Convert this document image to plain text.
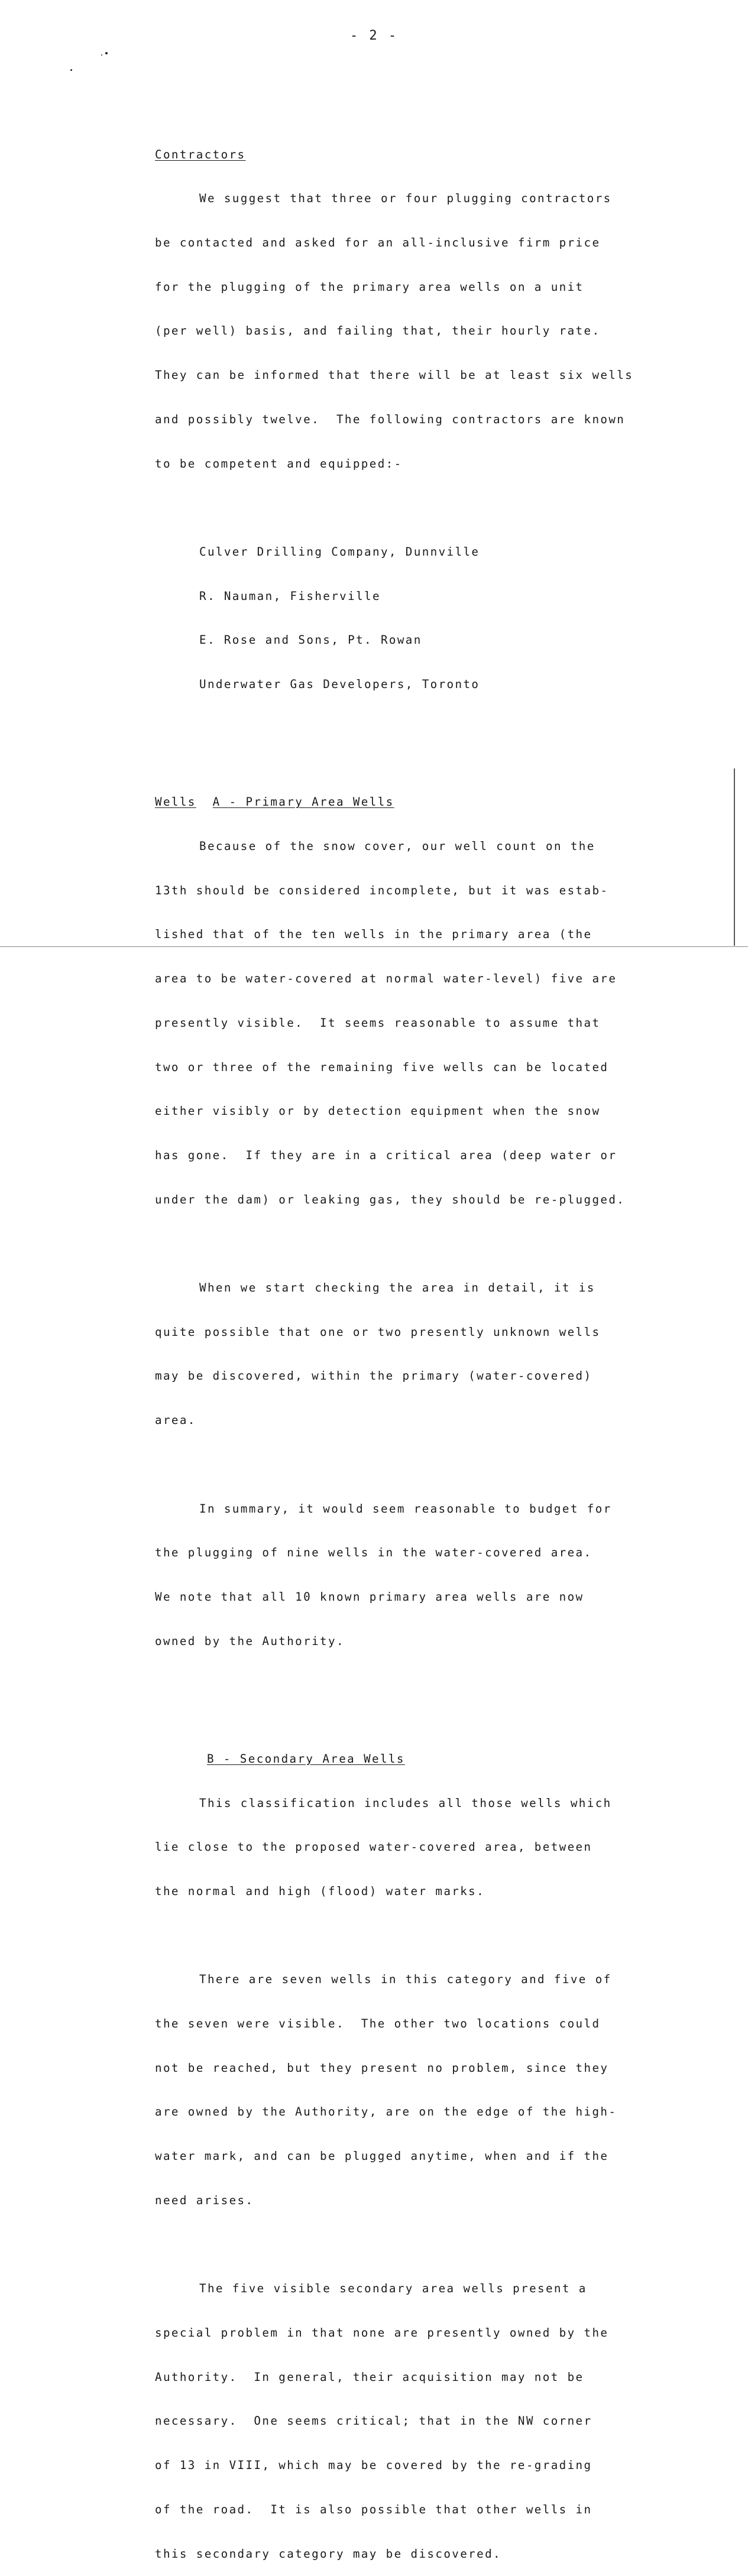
- 2 -

Contractors

We suggest that three or four plugging contractors

be contacted and asked for an all-inclusive firm price

for the plugging of the primary area wells on a unit

(per well) basis, and failing that, their hourly rate.

They can be informed that there will be at least six wells

and possibly twelve.  The following contractors are known

to be competent and equipped:-

Culver Drilling Company, Dunnville

R. Nauman, Fisherville

E. Rose and Sons, Pt. Rowan

Underwater Gas Developers, Toronto

Wells A - Primary Area Wells

Because of the snow cover, our well count on the

13th should be considered incomplete, but it was estab-

lished that of the ten wells in the primary area (the

area to be water-covered at normal water-level) five are

presently visible.  It seems reasonable to assume that

two or three of the remaining five wells can be located

either visibly or by detection equipment when the snow

has gone.  If they are in a critical area (deep water or

under the dam) or leaking gas, they should be re-plugged.

When we start checking the area in detail, it is

quite possible that one or two presently unknown wells

may be discovered, within the primary (water-covered)

area.

In summary, it would seem reasonable to budget for

the plugging of nine wells in the water-covered area.

We note that all 10 known primary area wells are now

owned by the Authority.

B - Secondary Area Wells

This classification includes all those wells which

lie close to the proposed water-covered area, between

the normal and high (flood) water marks.

There are seven wells in this category and five of

the seven were visible.  The other two locations could

not be reached, but they present no problem, since they

are owned by the Authority, are on the edge of the high-

water mark, and can be plugged anytime, when and if the

need arises.

The five visible secondary area wells present a

special problem in that none are presently owned by the

Authority.  In general, their acquisition may not be

necessary.  One seems critical; that in the NW corner

of 13 in VIII, which may be covered by the re-grading

of the road.  It is also possible that other wells in

this secondary category may be discovered.
